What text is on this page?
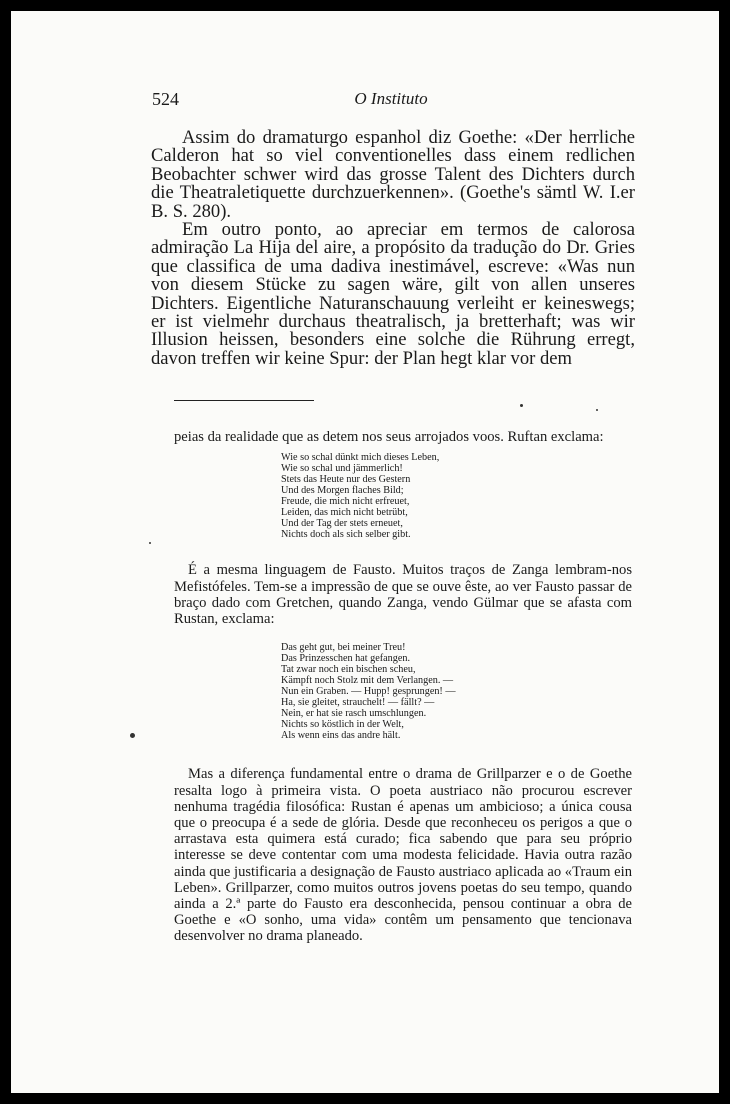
524	O Instituto

Assim do dramaturgo espanhol diz Goethe: «Der herrliche Calderon hat so viel conventionelles dass einem redlichen Beobachter schwer wird das grosse Talent des Dichters durch die Theatraletiquette durchzuerkennen». (Goethe's sämtl W. I.er B. S. 280).

Em outro ponto, ao apreciar em termos de calorosa admiração La Hija del aire, a propósito da tradução do Dr. Gries que classifica de uma dadiva inestimável, escreve: «Was nun von diesem Stücke zu sagen wäre, gilt von allen unseres Dichters. Eigentliche Naturanschauung verleiht er keineswegs; er ist vielmehr durchaus theatralisch, ja bretterhaft; was wir Illusion heissen, besonders eine solche die Rührung erregt, davon treffen wir keine Spur: der Plan hegt klar vor dem

peias da realidade que as detem nos seus arrojados voos. Ruftan exclama:

Wie so schal dünkt mich dieses Leben,
Wie so schal und jämmerlich!
Stets das Heute nur des Gestern
Und des Morgen flaches Bild;
Freude, die mich nicht erfreuet,
Leiden, das mich nicht betrübt,
Und der Tag der stets erneuet,
Nichts doch als sich selber gibt.

É a mesma linguagem de Fausto. Muitos traços de Zanga lembram-nos Mefistófeles. Tem-se a impressão de que se ouve êste, ao ver Fausto passar de braço dado com Gretchen, quando Zanga, vendo Gülmar que se afasta com Rustan, exclama:

Das geht gut, bei meiner Treu!
Das Prinzesschen hat gefangen.
Tat zwar noch ein bischen scheu,
Kämpft noch Stolz mit dem Verlangen. —
Nun ein Graben. — Hupp! gesprungen! —
Ha, sie gleitet, strauchelt! — fällt? —
Nein, er hat sie rasch umschlungen.
Nichts so köstlich in der Welt,
Als wenn eins das andre hält.

Mas a diferença fundamental entre o drama de Grillparzer e o de Goethe resalta logo à primeira vista. O poeta austriaco não procurou escrever nenhuma tragédia filosófica: Rustan é apenas um ambicioso; a única cousa que o preocupa é a sede de glória. Desde que reconheceu os perigos a que o arrastava esta quimera está curado; fica sabendo que para seu próprio interesse se deve contentar com uma modesta felicidade. Havia outra razão ainda que justificaria a designação de Fausto austriaco aplicada ao «Traum ein Leben». Grillparzer, como muitos outros jovens poetas do seu tempo, quando ainda a 2.ª parte do Fausto era desconhecida, pensou continuar a obra de Goethe e «O sonho, uma vida» contêm um pensamento que tencionava desenvolver no drama planeado.
